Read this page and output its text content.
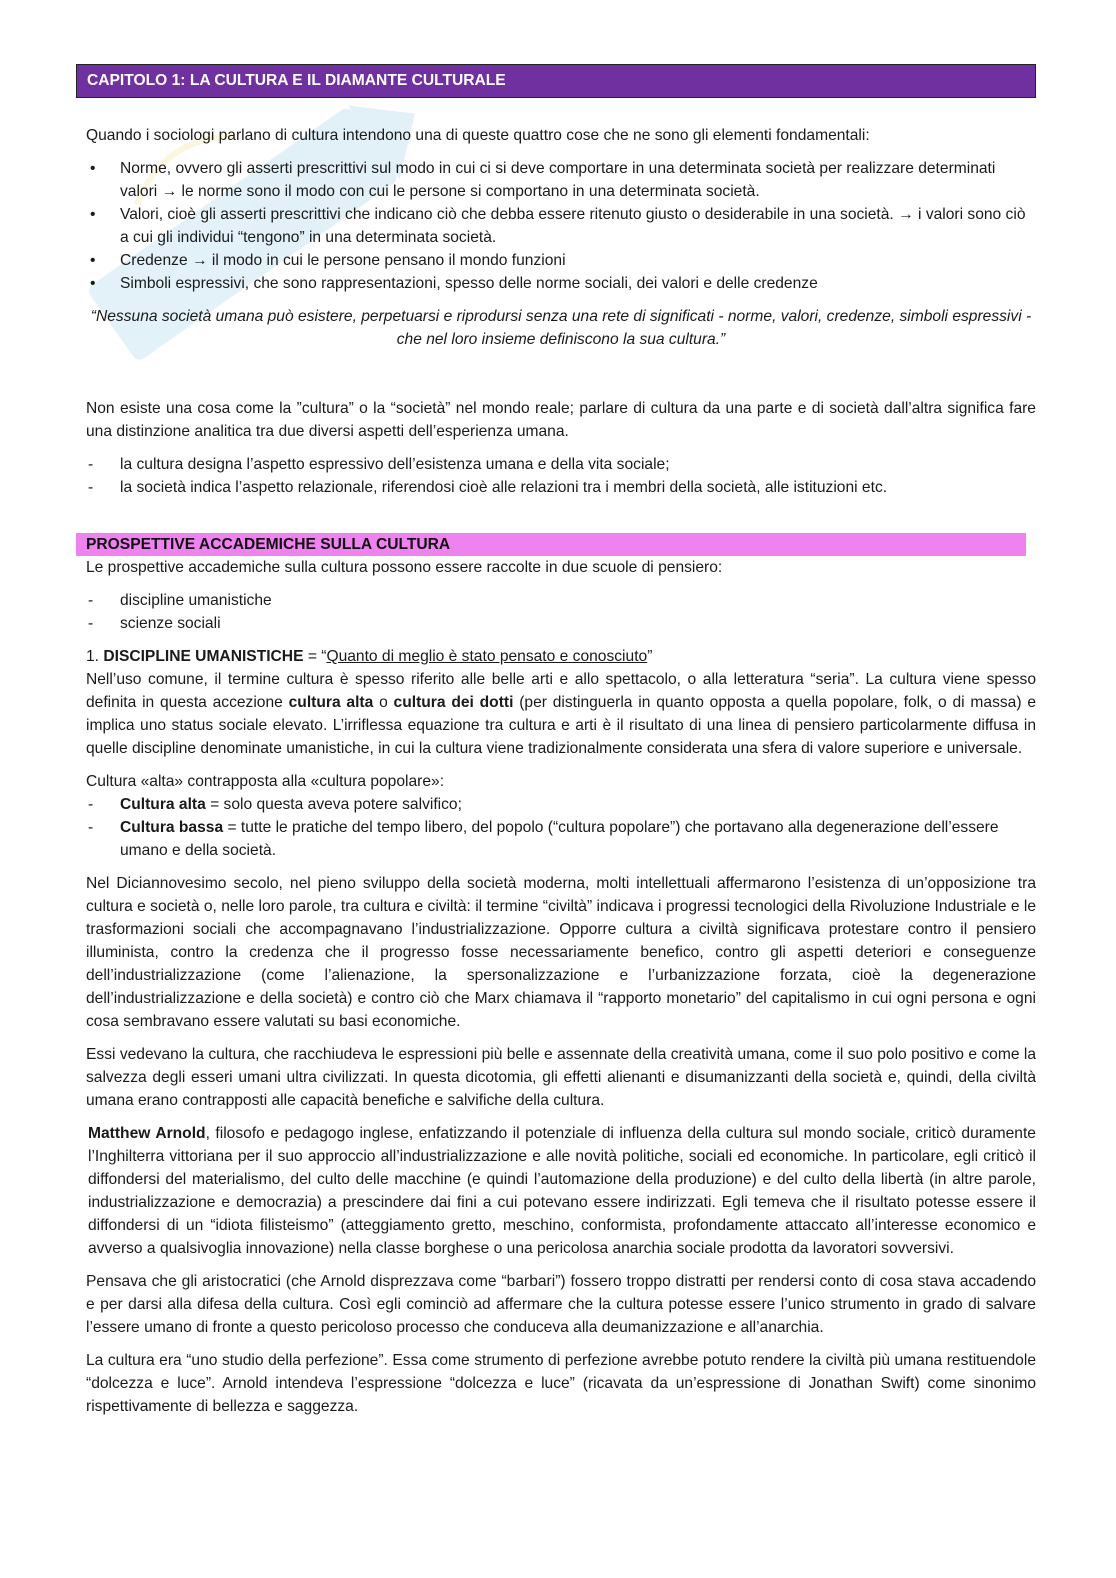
CAPITOLO 1: LA CULTURA E IL DIAMANTE CULTURALE

Quando i sociologi parlano di cultura intendono una di queste quattro cose che ne sono gli elementi fondamentali:

• Norme, ovvero gli asserti prescrittivi sul modo in cui ci si deve comportare in una determinata società per realizzare determinati valori → le norme sono il modo con cui le persone si comportano in una determinata società.
• Valori, cioè gli asserti prescrittivi che indicano ciò che debba essere ritenuto giusto o desiderabile in una società. → i valori sono ciò a cui gli individui “tengono” in una determinata società.
• Credenze → il modo in cui le persone pensano il mondo funzioni
• Simboli espressivi, che sono rappresentazioni, spesso delle norme sociali, dei valori e delle credenze
“Nessuna società umana può esistere, perpetuarsi e riprodursi senza una rete di significati - norme, valori, credenze, simboli espressivi - che nel loro insieme definiscono la sua cultura.”

Non esiste una cosa come la ”cultura” o la “società” nel mondo reale; parlare di cultura da una parte e di società dall’altra significa fare una distinzione analitica tra due diversi aspetti dell’esperienza umana.

- la cultura designa l’aspetto espressivo dell’esistenza umana e della vita sociale;
- la società indica l’aspetto relazionale, riferendosi cioè alle relazioni tra i membri della società, alle istituzioni etc.
PROSPETTIVE ACCADEMICHE SULLA CULTURA

Le prospettive accademiche sulla cultura possono essere raccolte in due scuole di pensiero:

- discipline umanistiche
- scienze sociali

1. DISCIPLINE UMANISTICHE = “Quanto di meglio è stato pensato e conosciuto”

Nell’uso comune, il termine cultura è spesso riferito alle belle arti e allo spettacolo, o alla letteratura “seria”. La cultura viene spesso definita in questa accezione cultura alta o cultura dei dotti (per distinguerla in quanto opposta a quella popolare, folk, o di massa) e implica uno status sociale elevato. L’irriflessa equazione tra cultura e arti è il risultato di una linea di pensiero particolarmente diffusa in quelle discipline denominate umanistiche, in cui la cultura viene tradizionalmente considerata una sfera di valore superiore e universale.

Cultura «alta» contrapposta alla «cultura popolare»:

- Cultura alta = solo questa aveva potere salvifico;
- Cultura bassa = tutte le pratiche del tempo libero, del popolo (“cultura popolare”) che portavano alla degenerazione dell’essere umano e della società.

Nel Diciannovesimo secolo, nel pieno sviluppo della società moderna, molti intellettuali affermarono l’esistenza di un’opposizione tra cultura e società o, nelle loro parole, tra cultura e civiltà: il termine “civiltà” indicava i progressi tecnologici della Rivoluzione Industriale e le trasformazioni sociali che accompagnavano l’industrializzazione. Opporre cultura a civiltà significava protestare contro il pensiero illuminista, contro la credenza che il progresso fosse necessariamente benefico, contro gli aspetti deteriori e conseguenze dell’industrializzazione (come l’alienazione, la spersonalizzazione e l’urbanizzazione forzata, cioè la degenerazione dell’industrializzazione e della società) e contro ciò che Marx chiamava il “rapporto monetario” del capitalismo in cui ogni persona e ogni cosa sembravano essere valutati su basi economiche.

Essi vedevano la cultura, che racchiudeva le espressioni più belle e assennate della creatività umana, come il suo polo positivo e come la salvezza degli esseri umani ultra civilizzati. In questa dicotomia, gli effetti alienanti e disumanizzanti della società e, quindi, della civiltà umana erano contrapposti alle capacità benefiche e salvifiche della cultura.

Matthew Arnold, filosofo e pedagogo inglese, enfatizzando il potenziale di influenza della cultura sul mondo sociale, criticò duramente l’Inghilterra vittoriana per il suo approccio all’industrializzazione e alle novità politiche, sociali ed economiche. In particolare, egli criticò il diffondersi del materialismo, del culto delle macchine (e quindi l’automazione della produzione) e del culto della libertà (in altre parole, industrializzazione e democrazia) a prescindere dai fini a cui potevano essere indirizzati. Egli temeva che il risultato potesse essere il diffondersi di un “idiota filisteismo” (atteggiamento gretto, meschino, conformista, profondamente attaccato all’interesse economico e avverso a qualsivoglia innovazione) nella classe borghese o una pericolosa anarchia sociale prodotta da lavoratori sovversivi.

Pensava che gli aristocratici (che Arnold disprezzava come “barbari”) fossero troppo distratti per rendersi conto di cosa stava accadendo e per darsi alla difesa della cultura. Così egli cominciò ad affermare che la cultura potesse essere l’unico strumento in grado di salvare l’essere umano di fronte a questo pericoloso processo che conduceva alla deumanizzazione e all’anarchia.

La cultura era “uno studio della perfezione”. Essa come strumento di perfezione avrebbe potuto rendere la civiltà più umana restituendole “dolcezza e luce”. Arnold intendeva l’espressione “dolcezza e luce” (ricavata da un’espressione di Jonathan Swift) come sinonimo rispettivamente di bellezza e saggezza.
